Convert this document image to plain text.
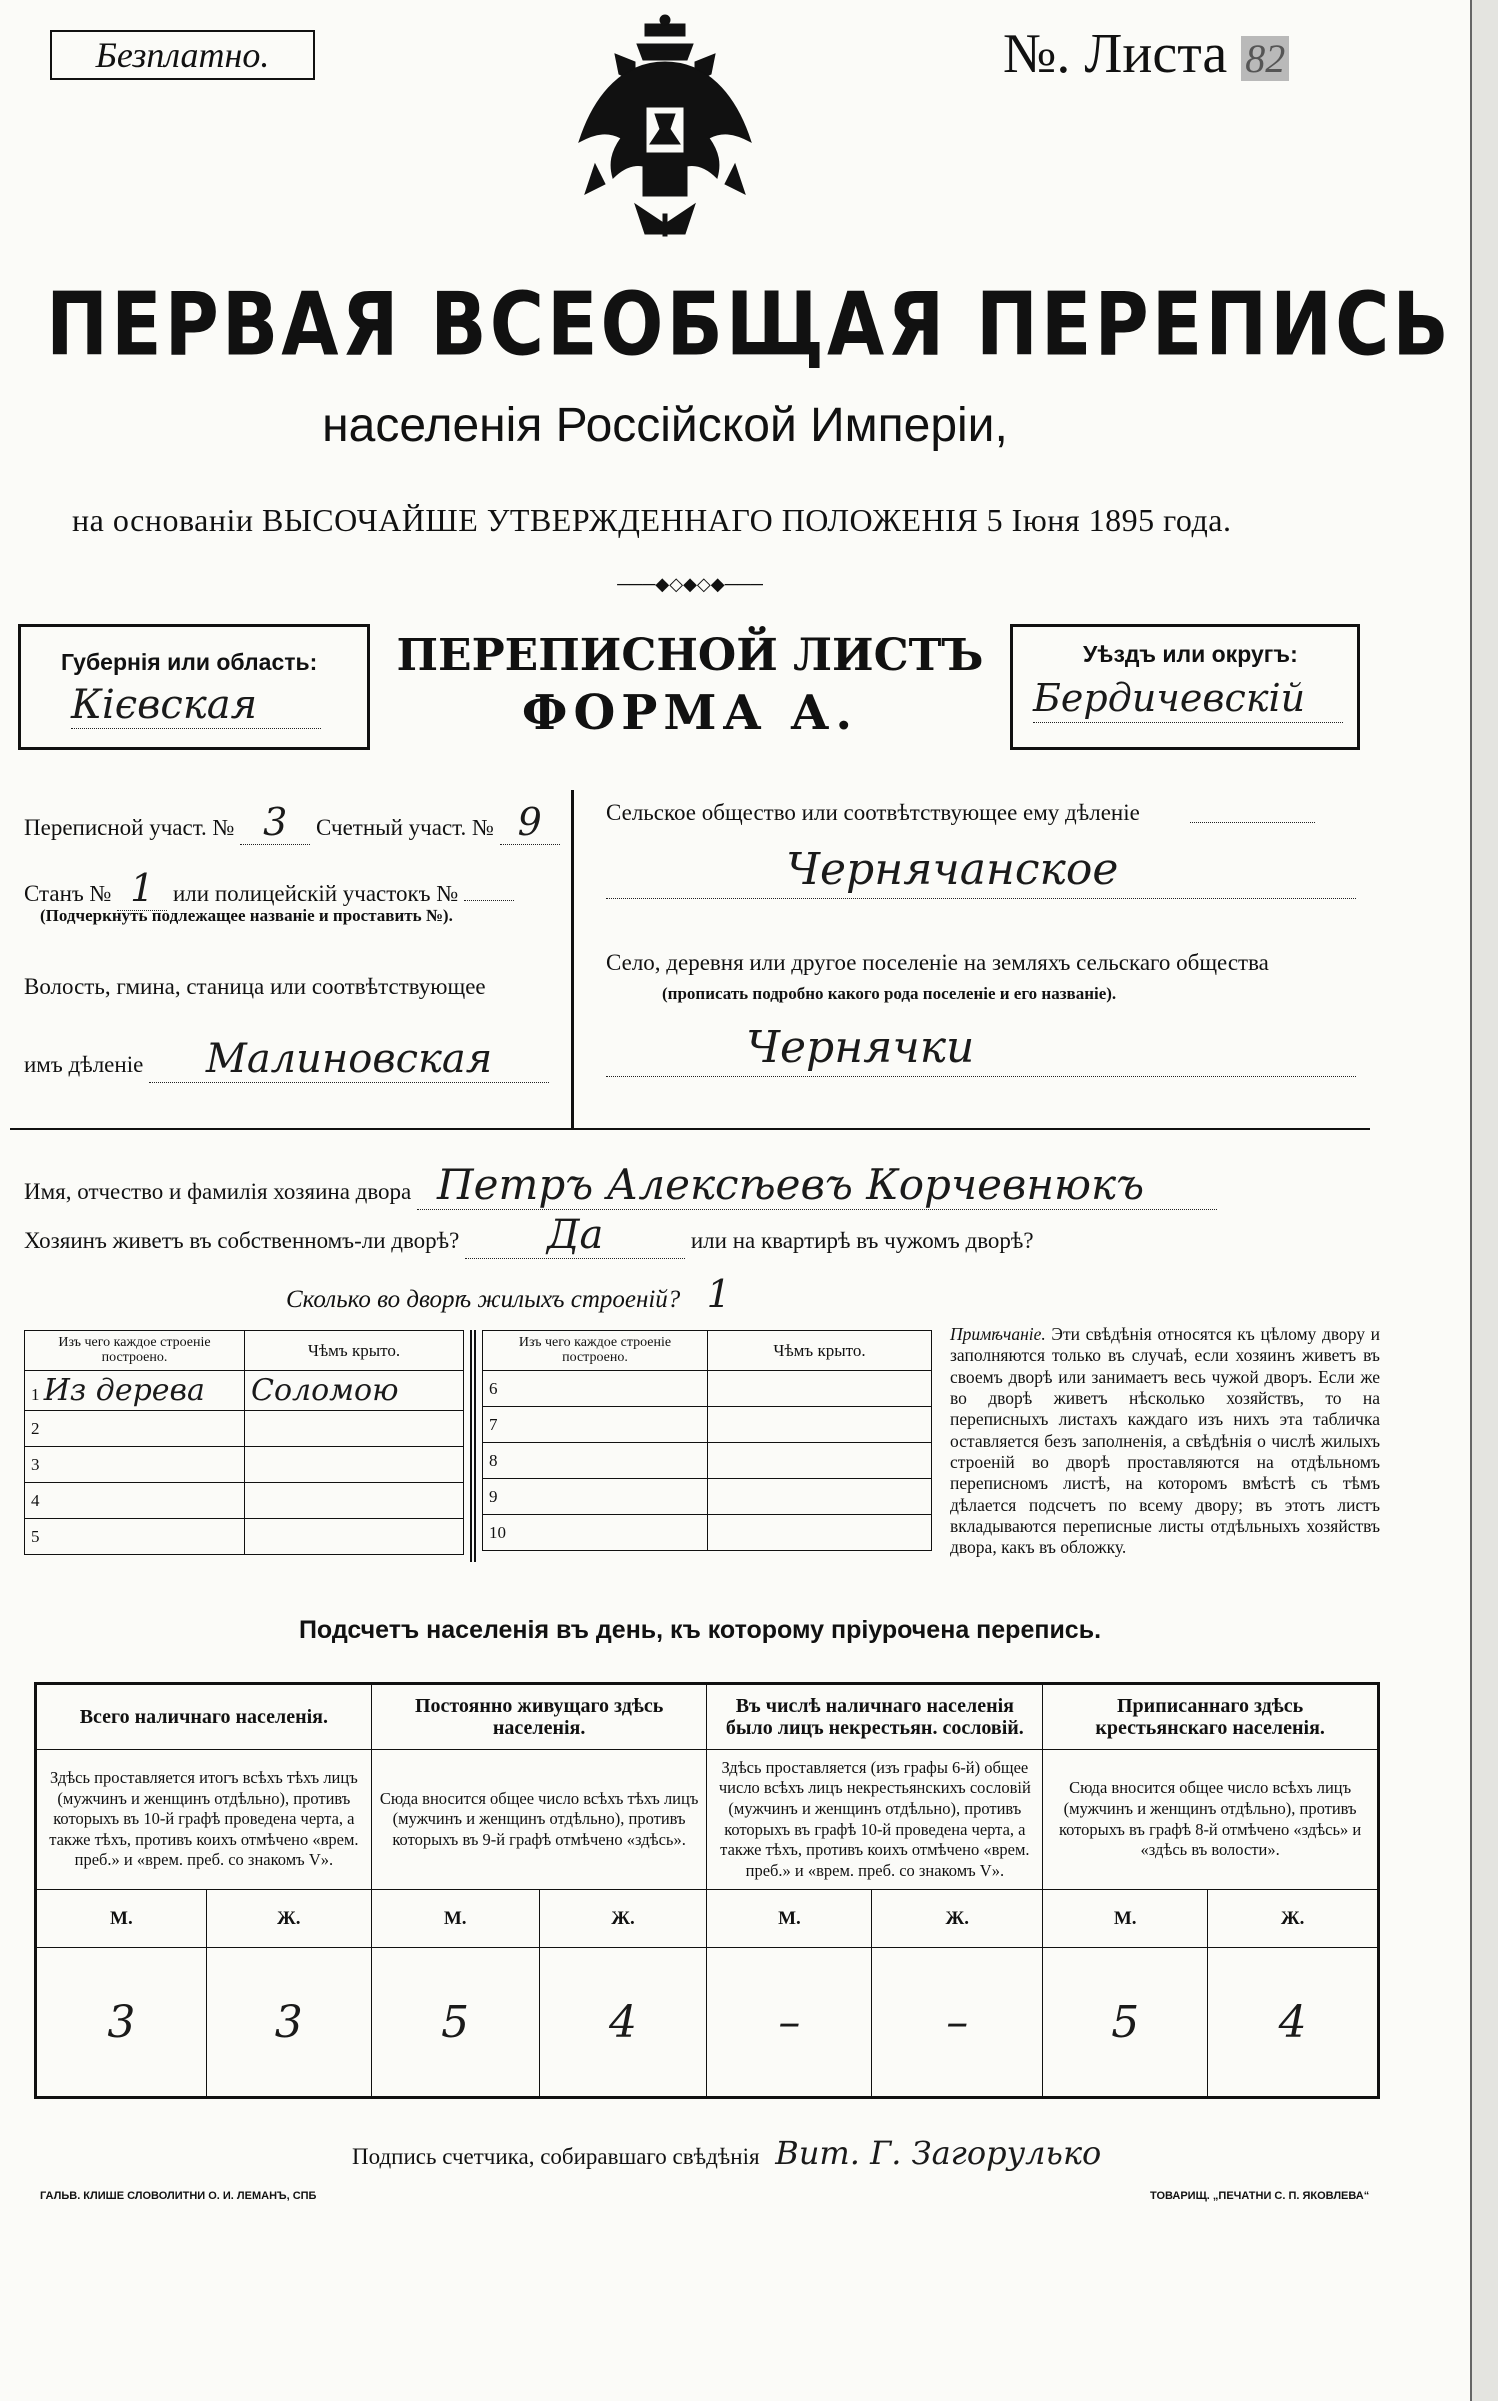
Безплатно.	№. Листа 82
ПЕРВАЯ ВСЕОБЩАЯ ПЕРЕПИСЬ
населенія Россійской Имперіи,
на основаніи ВЫСОЧАЙШЕ УТВЕРЖДЕННАГО ПОЛОЖЕНІЯ 5 Іюня 1895 года.
───◆◇◆◇◆───
Губернія или область:
Кієвская
ПЕРЕПИСНОЙ ЛИСТЪ
ФОРМА А.
Уѣздъ или округъ:
Бердичевскій
Переписной участ. № 3 Счетный участ. № 9
Станъ № 1 или полицейскій участокъ №
(Подчеркнуть подлежащее названіе и проставить №).
Волость, гмина, станица или соотвѣтствующее
имъ дѣленіе Малиновская
Сельское общество или соотвѣтствующее ему дѣленіе
Чернячанское
Село, деревня или другое поселеніе на земляхъ сельскаго общества
(прописать подробно какого рода поселеніе и его названіе).
Чернячки
Имя, отчество и фамилія хозяина двора Петръ Алексѣевъ Корчевнюкъ
Хозяинъ живетъ въ собственномъ-ли дворѣ? Да	или на квартирѣ въ чужомъ дворѣ?
Сколько во дворѣ жилыхъ строеній? 1
Изъ чего каждое строеніе построено.	Чѣмъ крыто.
1 Из дерева	Соломою
2	
3	
4	
5	
Изъ чего каждое строеніе построено.	Чѣмъ крыто.
6	
7	
8	
9	
10	
Примѣчаніе. Эти свѣдѣнія относятся къ цѣлому двору и заполняются только въ случаѣ, если хозяинъ живетъ въ своемъ дворѣ или занимаетъ весь чужой дворъ. Если же во дворѣ живетъ нѣсколько хозяйствъ, то на переписныхъ листахъ каждаго изъ нихъ эта табличка оставляется безъ заполненія, а свѣдѣнія о числѣ жилыхъ строеній во дворѣ проставляются на отдѣльномъ переписномъ листѣ, на которомъ вмѣстѣ съ тѣмъ дѣлается подсчетъ по всему двору; въ этотъ листъ вкладываются переписные листы отдѣльныхъ хозяйствъ двора, какъ въ обложку.
Подсчетъ населенія въ день, къ которому пріурочена перепись.
Всего наличнаго населенія.		Постоянно живущаго здѣсь населенія.		Въ числѣ наличнаго населенія было лицъ некрестьян. сословій.		Приписаннаго здѣсь крестьянскаго населенія.	
Здѣсь проставляется итогъ всѣхъ тѣхъ лицъ (мужчинъ и женщинъ отдѣльно), противъ которыхъ въ 10-й графѣ проведена черта, а также тѣхъ, противъ коихъ отмѣчено «врем. преб.» и «врем. преб. со знакомъ V».		Сюда вносится общее число всѣхъ тѣхъ лицъ (мужчинъ и женщинъ отдѣльно), противъ которыхъ въ 9-й графѣ отмѣчено «здѣсь».		Здѣсь проставляется (изъ графы 6-й) общее число всѣхъ лицъ некрестьянскихъ сословій (мужчинъ и женщинъ отдѣльно), противъ которыхъ въ графѣ 10-й проведена черта, а также тѣхъ, противъ коихъ отмѣчено «врем. преб.» и «врем. преб. со знакомъ V».		Сюда вносится общее число всѣхъ лицъ (мужчинъ и женщинъ отдѣльно), противъ которыхъ въ графѣ 8-й отмѣчено «здѣсь» и «здѣсь въ волости».	
М.	Ж.	М.	Ж.	М.	Ж.	М.	Ж.
3	3	5	4	–	–	5	4
Подпись счетчика, собиравшаго свѣдѣнія Вит. Г. Загорулько
ГАЛЬВ. КЛИШЕ СЛОВОЛИТНИ О. И. ЛЕМАНЪ, СПБ	ТОВАРИЩ. „ПЕЧАТНИ С. П. ЯКОВЛЕВА“
